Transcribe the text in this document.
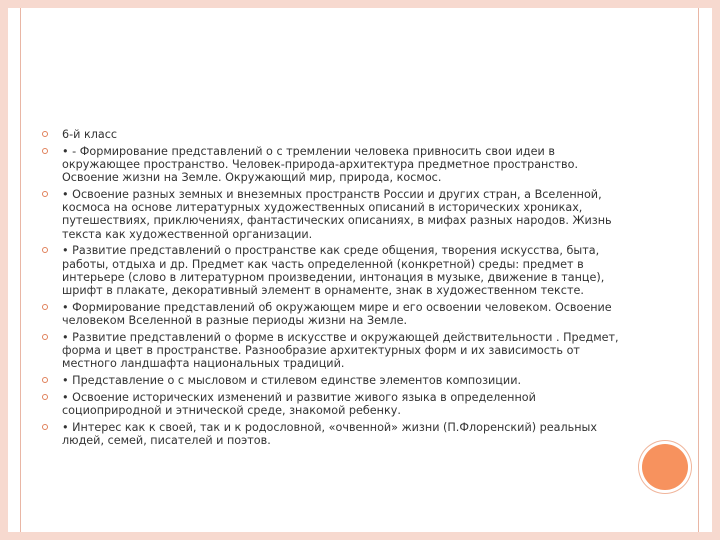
6-й класс
• - Формирование представлений о с тремлении человека привносить свои идеи в окружающее пространство. Человек-природа-архитектура предметное пространство. Освоение жизни на Земле. Окружающий мир, природа, космос.
• Освоение разных земных и внеземных пространств России и других стран, а Вселенной, космоса на основе литературных художественных описаний в исторических хрониках, путешествиях, приключениях, фантастических описаниях, в мифах разных народов. Жизнь текста как художественной организации.
• Развитие представлений о пространстве как среде общения, творения искусства, быта, работы, отдыха и др. Предмет как часть определенной (конкретной) среды: предмет в интерьере (слово в литературном произведении, интонация в музыке, движение в танце), шрифт в плакате, декоративный элемент в орнаменте, знак в художественном тексте.
• Формирование представлений об окружающем мире и его освоении человеком. Освоение человеком Вселенной в разные периоды жизни на Земле.
• Развитие представлений о форме в искусстве и окружающей действительности . Предмет, форма и цвет в пространстве. Разнообразие архитектурных форм и их зависимость от местного ландшафта национальных традиций.
• Представление о с мысловом и стилевом единстве элементов композиции.
• Освоение исторических изменений и развитие живого языка в определенной социоприродной и этнической среде, знакомой ребенку.
• Интерес как к своей, так и к родословной, «очвенной» жизни (П.Флоренский) реальных людей, семей, писателей и поэтов.
